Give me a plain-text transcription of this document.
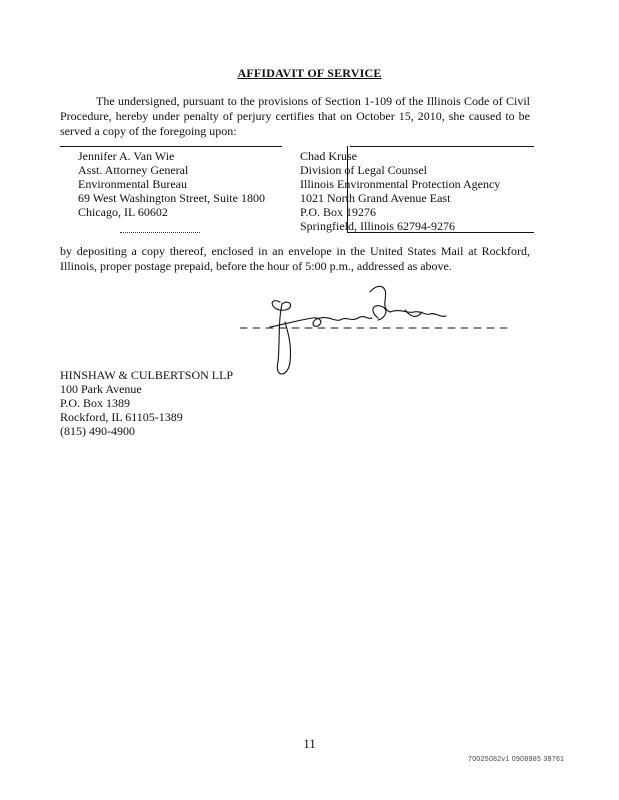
AFFIDAVIT OF SERVICE
The undersigned, pursuant to the provisions of Section 1-109 of the Illinois Code of Civil Procedure, hereby under penalty of perjury certifies that on October 15, 2010, she caused to be served a copy of the foregoing upon:
Jennifer A. Van Wie
Asst. Attorney General
Environmental Bureau
69 West Washington Street, Suite 1800
Chicago, IL 60602
Chad Kruse
Division of Legal Counsel
Illinois Environmental Protection Agency
1021 North Grand Avenue East
P.O. Box 19276
Springfield, Illinois 62794-9276
by depositing a copy thereof, enclosed in an envelope in the United States Mail at Rockford, Illinois, proper postage prepaid, before the hour of 5:00 p.m., addressed as above.
HINSHAW & CULBERTSON LLP
100 Park Avenue
P.O. Box 1389
Rockford, IL 61105-1389
(815) 490-4900
11
70025082v1 0908985 39761
